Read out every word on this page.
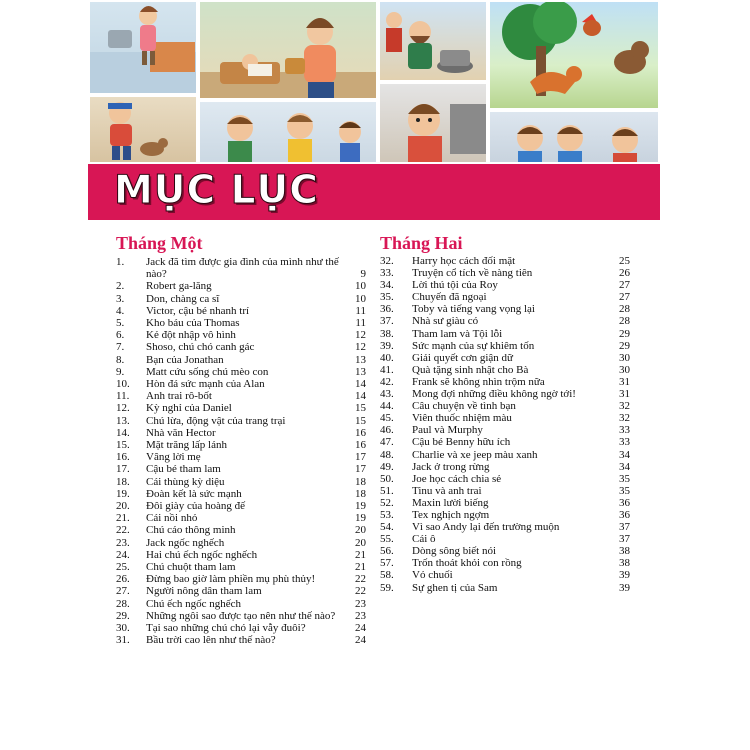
MỤC LỤC
Tháng Một
1.	Jack đã tìm được gia đình của mình như thế nào?	9
2.	Robert ga-lăng	10
3.	Don, chàng ca sĩ	10
4.	Victor, cậu bé nhanh trí	11
5.	Kho báu của Thomas	11
6.	Kẻ đột nhập vô hình	12
7.	Shoso, chú chó canh gác	12
8.	Bạn của Jonathan	13
9.	Matt cứu sống chú mèo con	13
10.	Hòn đá sức mạnh của Alan	14
11.	Anh trai rô-bốt	14
12.	Kỳ nghỉ của Daniel	15
13.	Chú lừa, động vật của trang trại	15
14.	Nhà văn Hector	16
15.	Mặt trăng lấp lánh	16
16.	Vâng lời mẹ	17
17.	Cậu bé tham lam	17
18.	Cái thùng kỳ diệu	18
19.	Đoàn kết là sức mạnh	18
20.	Đôi giày của hoàng đế	19
21.	Cái nồi nhỏ	19
22.	Chú cáo thông minh	20
23.	Jack ngốc nghếch	20
24.	Hai chú ếch ngốc nghếch	21
25.	Chú chuột tham lam	21
26.	Đừng bao giờ làm phiền mụ phù thủy!	22
27.	Người nông dân tham lam	22
28.	Chú ếch ngốc nghếch	23
29.	Những ngôi sao được tạo nên như thế nào?	23
30.	Tại sao những chú chó lại vẫy đuôi?	24
31.	Bầu trời cao lên như thế nào?	24
Tháng Hai
32.	Harry học cách đối mặt	25
33.	Truyện cổ tích về nàng tiên	26
34.	Lời thú tội của Roy	27
35.	Chuyến đã ngoại	27
36.	Toby và tiếng vang vọng lại	28
37.	Nhà sư giàu có	28
38.	Tham lam và Tội lỗi	29
39.	Sức mạnh của sự khiêm tốn	29
40.	Giải quyết cơn giận dữ	30
41.	Quà tặng sinh nhật cho Bà	30
42.	Frank sẽ không nhìn trộm nữa	31
43.	Mong đợi những điều không ngờ tới!	31
44.	Câu chuyện về tình bạn	32
45.	Viên thuốc nhiệm màu	32
46.	Paul và Murphy	33
47.	Cậu bé Benny hữu ích	33
48.	Charlie và xe jeep màu xanh	34
49.	Jack ở trong rừng	34
50.	Joe học cách chia sẻ	35
51.	Tinu và anh trai	35
52.	Maxin lười biếng	36
53.	Tex nghịch ngợm	36
54.	Vì sao Andy lại đến trường muộn	37
55.	Cái ô	37
56.	Dòng sông biết nói	38
57.	Trốn thoát khỏi con rồng	38
58.	Vỏ chuối	39
59.	Sự ghen tị của Sam	39
